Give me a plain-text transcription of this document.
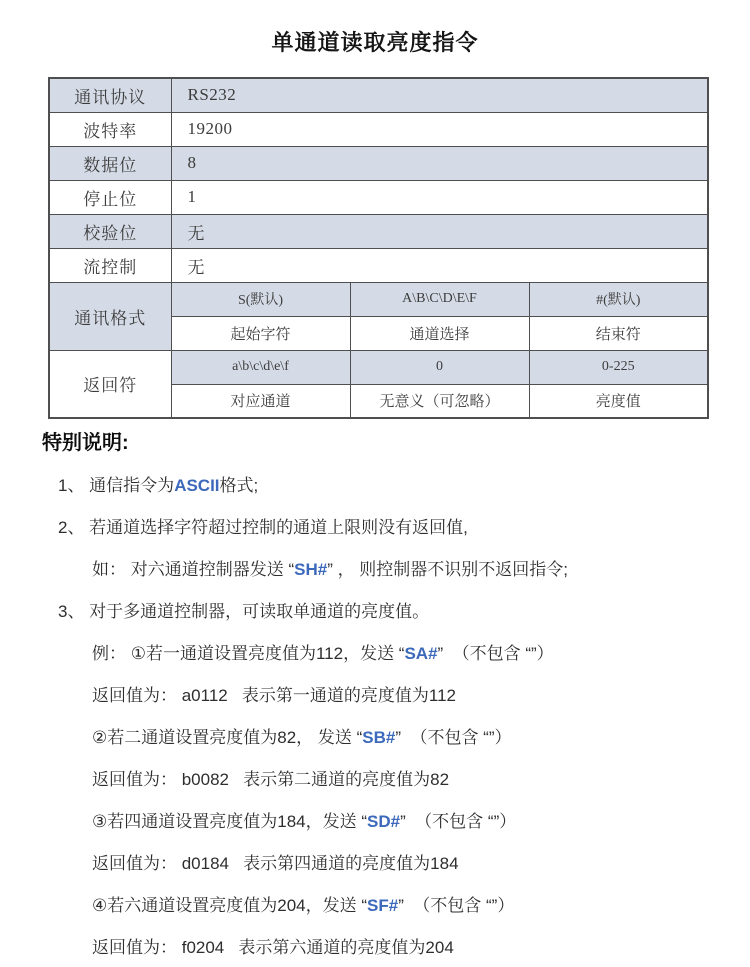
单通道读取亮度指令
通讯协议	RS232		
波特率	19200		
数据位	8		
停止位	1		
校验位	无		
流控制	无		
通讯格式	S(默认)	A\B\C\D\E\F	#(默认)
	起始字符	通道选择	结束符
返回符	a\b\c\d\e\f	0	0-225
	对应通道	无意义（可忽略）	亮度值
特别说明:
1、 通信指令为ASCII格式;
2、 若通道选择字符超过控制的通道上限则没有返回值,
如： 对六通道控制器发送 “SH#” ， 则控制器不识别不返回指令;
3、 对于多通道控制器，可读取单通道的亮度值。
例： ①若一通道设置亮度值为112，发送 “SA#”  （不包含 “”）
返回值为： a0112   表示第一通道的亮度值为112
②若二通道设置亮度值为82， 发送 “SB#”  （不包含 “”）
返回值为： b0082   表示第二通道的亮度值为82
③若四通道设置亮度值为184，发送 “SD#”  （不包含 “”）
返回值为： d0184   表示第四通道的亮度值为184
④若六通道设置亮度值为204，发送 “SF#”  （不包含 “”）
返回值为： f0204   表示第六通道的亮度值为204
